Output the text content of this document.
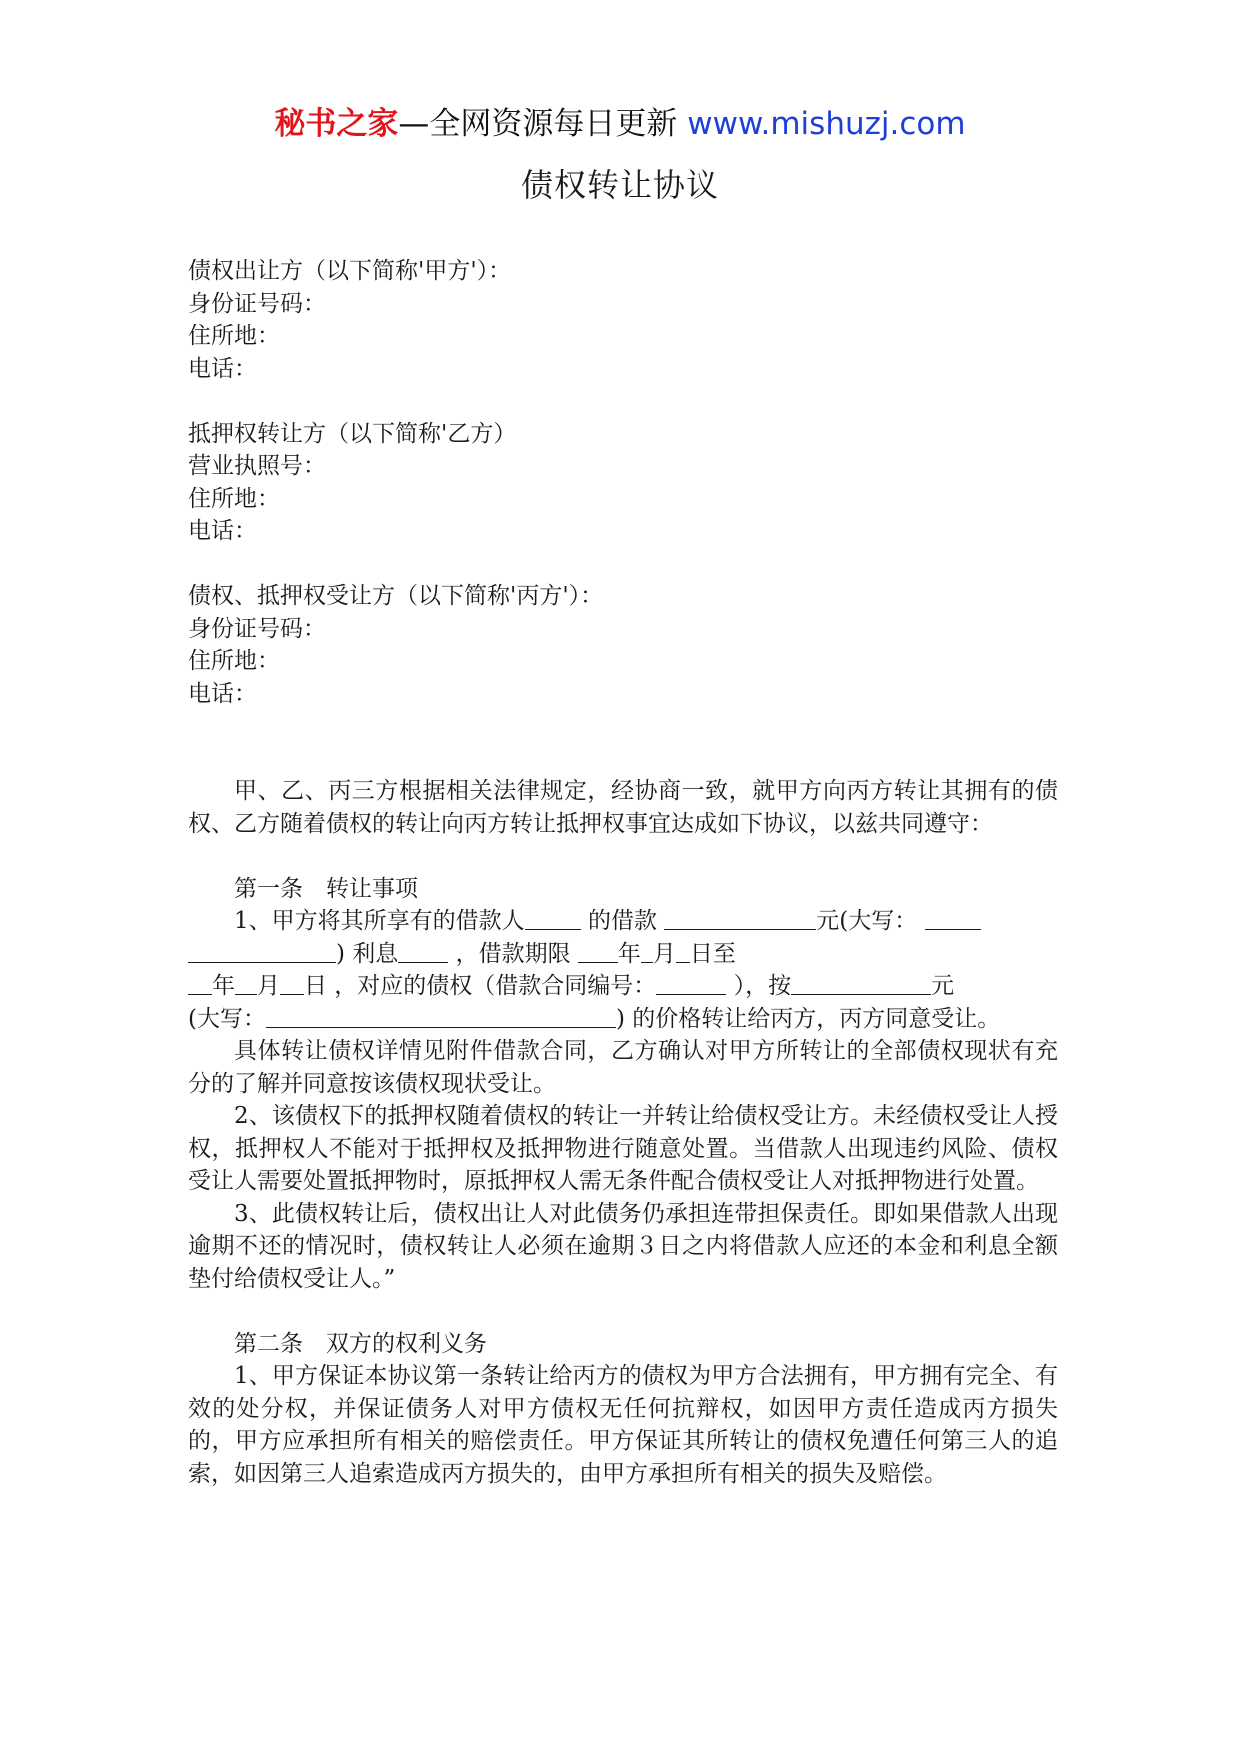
秘书之家—全网资源每日更新 www.mishuzj.com
债权转让协议
债权出让方（以下简称'甲方'）：
身份证号码：
住所地：
电话：
抵押权转让方（以下简称'乙方）
营业执照号：
住所地：
电话：
债权、抵押权受让方（以下简称'丙方'）：
身份证号码：
住所地：
电话：
甲、乙、丙三方根据相关法律规定，经协商一致，就甲方向丙方转让其拥有的债权、乙方随着债权的转让向丙方转让抵押权事宜达成如下协议，以兹共同遵守：
第一条　转让事项
1、甲方将其所享有的借款人 的借款	元(大写：
) 利息 ，借款期限 年 月 日至
年 月 日 ，对应的债权（借款合同编号：	），按	元
(大写：	) 的价格转让给丙方，丙方同意受让。
具体转让债权详情见附件借款合同，乙方确认对甲方所转让的全部债权现状有充分的了解并同意按该债权现状受让。
2、该债权下的抵押权随着债权的转让一并转让给债权受让方。未经债权受让人授权，抵押权人不能对于抵押权及抵押物进行随意处置。当借款人出现违约风险、债权受让人需要处置抵押物时，原抵押权人需无条件配合债权受让人对抵押物进行处置。
3、此债权转让后，债权出让人对此债务仍承担连带担保责任。即如果借款人出现逾期不还的情况时，债权转让人必须在逾期３日之内将借款人应还的本金和利息全额垫付给债权受让人。”
第二条　双方的权利义务
1、甲方保证本协议第一条转让给丙方的债权为甲方合法拥有，甲方拥有完全、有效的处分权，并保证债务人对甲方债权无任何抗辩权，如因甲方责任造成丙方损失的，甲方应承担所有相关的赔偿责任。甲方保证其所转让的债权免遭任何第三人的追索，如因第三人追索造成丙方损失的，由甲方承担所有相关的损失及赔偿。
